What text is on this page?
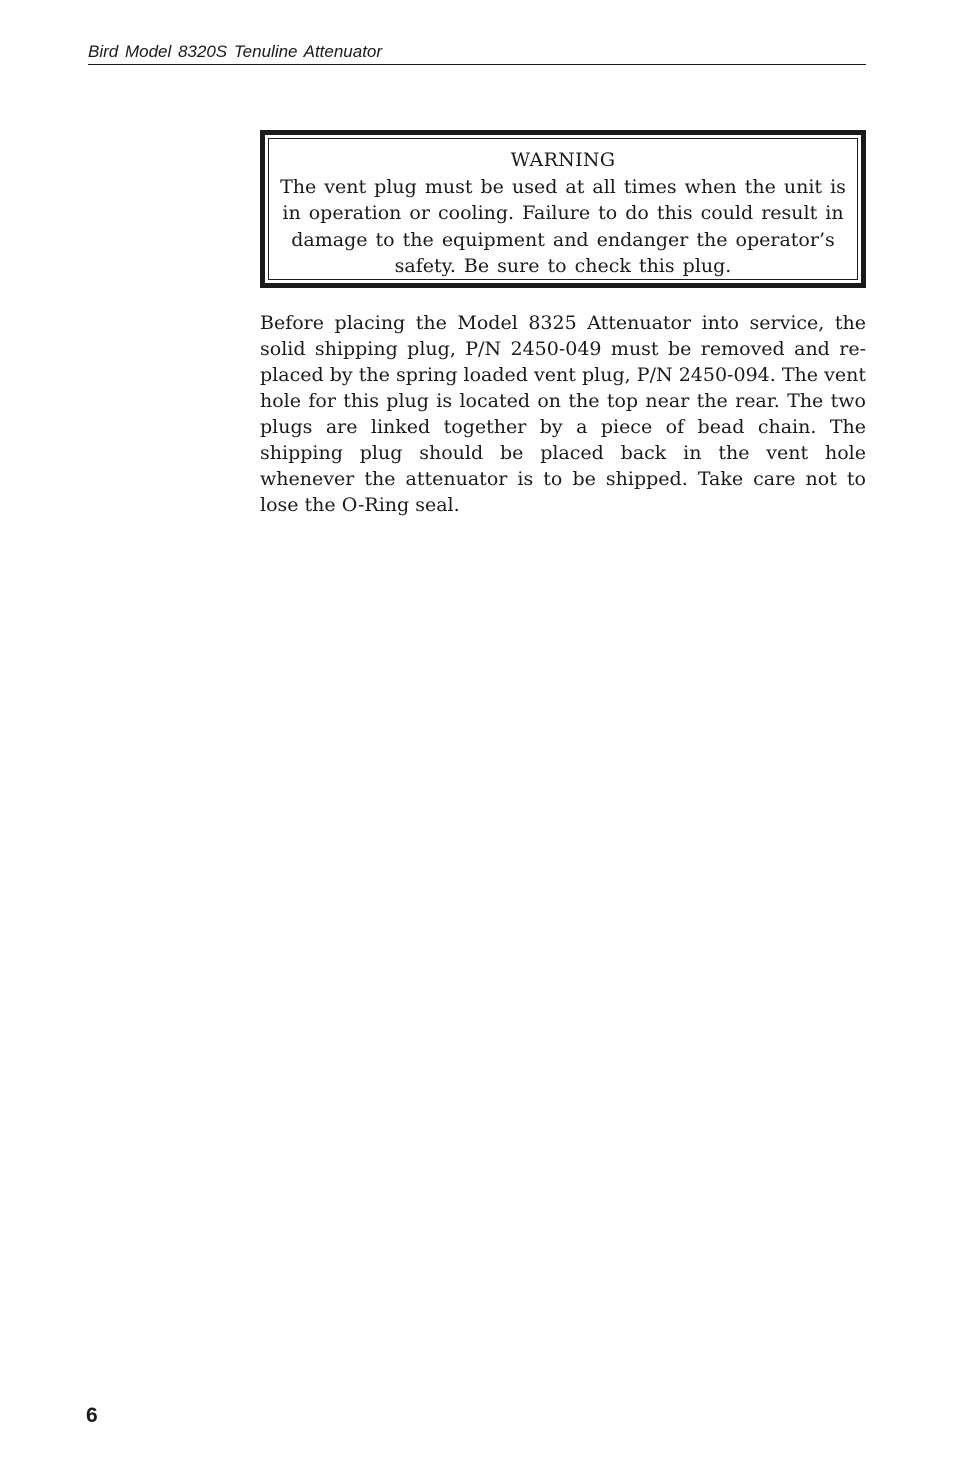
Bird Model 8320S Tenuline Attenuator
WARNING
The vent plug must be used at all times when the unit is in operation or cooling. Failure to do this could result in damage to the equipment and endanger the operator’s safety. Be sure to check this plug.

Before placing the Model 8325 Attenuator into service, the solid shipping plug, P/N 2450-049 must be removed and replaced by the spring loaded vent plug, P/N 2450-094. The vent hole for this plug is located on the top near the rear. The two plugs are linked together by a piece of bead chain. The shipping plug should be placed back in the vent hole whenever the attenuator is to be shipped. Take care not to lose the O-Ring seal.

6
